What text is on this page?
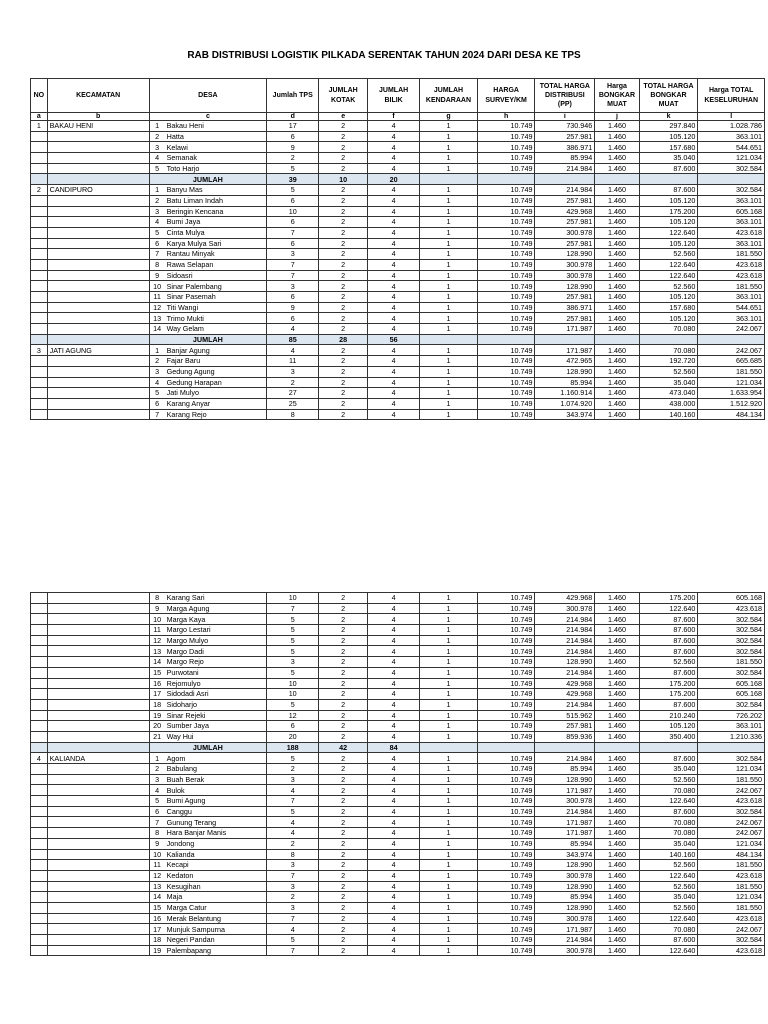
RAB DISTRIBUSI LOGISTIK PILKADA SERENTAK TAHUN 2024 DARI DESA KE TPS
NO	KECAMATAN	DESA		Jumlah TPS	JUMLAH KOTAK	JUMLAH BILIK	JUMLAH KENDARAAN	HARGA SURVEY/KM	TOTAL HARGA DISTRIBUSI (PP)	Harga BONGKAR MUAT	TOTAL HARGA BONGKAR MUAT	Harga TOTAL KESELURUHAN
a	b	c		d	e	f	g	h	i	j	k	l
1	BAKAU HENI	1	Bakau Heni	17	2	4	1	10.749	730.946	1.460	297.840	1.028.786
		2	Hatta	6	2	4	1	10.749	257.981	1.460	105.120	363.101
		3	Kelawi	9	2	4	1	10.749	386.971	1.460	157.680	544.651
		4	Semanak	2	2	4	1	10.749	85.994	1.460	35.040	121.034
		5	Toto Harjo	5	2	4	1	10.749	214.984	1.460	87.600	302.584
		JUMLAH		39	10	20						
2	CANDIPURO	1	Banyu Mas	5	2	4	1	10.749	214.984	1.460	87.600	302.584
		2	Batu Liman Indah	6	2	4	1	10.749	257.981	1.460	105.120	363.101
		3	Beringin Kencana	10	2	4	1	10.749	429.968	1.460	175.200	605.168
		4	Bumi Jaya	6	2	4	1	10.749	257.981	1.460	105.120	363.101
		5	Cinta Mulya	7	2	4	1	10.749	300.978	1.460	122.640	423.618
		6	Karya Mulya Sari	6	2	4	1	10.749	257.981	1.460	105.120	363.101
		7	Rantau Minyak	3	2	4	1	10.749	128.990	1.460	52.560	181.550
		8	Rawa Selapan	7	2	4	1	10.749	300.978	1.460	122.640	423.618
		9	Sidoasri	7	2	4	1	10.749	300.978	1.460	122.640	423.618
		10	Sinar Palembang	3	2	4	1	10.749	128.990	1.460	52.560	181.550
		11	Sinar Pasemah	6	2	4	1	10.749	257.981	1.460	105.120	363.101
		12	Titi Wangi	9	2	4	1	10.749	386.971	1.460	157.680	544.651
		13	Trimo Mukti	6	2	4	1	10.749	257.981	1.460	105.120	363.101
		14	Way Gelam	4	2	4	1	10.749	171.987	1.460	70.080	242.067
		JUMLAH		85	28	56						
3	JATI AGUNG	1	Banjar Agung	4	2	4	1	10.749	171.987	1.460	70.080	242.067
		2	Fajar Baru	11	2	4	1	10.749	472.965	1.460	192.720	665.685
		3	Gedung Agung	3	2	4	1	10.749	128.990	1.460	52.560	181.550
		4	Gedung Harapan	2	2	4	1	10.749	85.994	1.460	35.040	121.034
		5	Jati Mulyo	27	2	4	1	10.749	1.160.914	1.460	473.040	1.633.954
		6	Karang Anyar	25	2	4	1	10.749	1.074.920	1.460	438.000	1.512.920
		7	Karang Rejo	8	2	4	1	10.749	343.974	1.460	140.160	484.134
		8	Karang Sari	10	2	4	1	10.749	429.968	1.460	175.200	605.168
		9	Marga Agung	7	2	4	1	10.749	300.978	1.460	122.640	423.618
		10	Marga Kaya	5	2	4	1	10.749	214.984	1.460	87.600	302.584
		11	Margo Lestari	5	2	4	1	10.749	214.984	1.460	87.600	302.584
		12	Margo Mulyo	5	2	4	1	10.749	214.984	1.460	87.600	302.584
		13	Margo Dadi	5	2	4	1	10.749	214.984	1.460	87.600	302.584
		14	Margo Rejo	3	2	4	1	10.749	128.990	1.460	52.560	181.550
		15	Purwotani	5	2	4	1	10.749	214.984	1.460	87.600	302.584
		16	Rejomulyo	10	2	4	1	10.749	429.968	1.460	175.200	605.168
		17	Sidodadi Asri	10	2	4	1	10.749	429.968	1.460	175.200	605.168
		18	Sidoharjo	5	2	4	1	10.749	214.984	1.460	87.600	302.584
		19	Sinar Rejeki	12	2	4	1	10.749	515.962	1.460	210.240	726.202
		20	Sumber Jaya	6	2	4	1	10.749	257.981	1.460	105.120	363.101
		21	Way Hui	20	2	4	1	10.749	859.936	1.460	350.400	1.210.336
		JUMLAH		188	42	84						
4	KALIANDA	1	Agom	5	2	4	1	10.749	214.984	1.460	87.600	302.584
		2	Babulang	2	2	4	1	10.749	85.994	1.460	35.040	121.034
		3	Buah Berak	3	2	4	1	10.749	128.990	1.460	52.560	181.550
		4	Bulok	4	2	4	1	10.749	171.987	1.460	70.080	242.067
		5	Bumi Agung	7	2	4	1	10.749	300.978	1.460	122.640	423.618
		6	Canggu	5	2	4	1	10.749	214.984	1.460	87.600	302.584
		7	Gunung Terang	4	2	4	1	10.749	171.987	1.460	70.080	242.067
		8	Hara Banjar Manis	4	2	4	1	10.749	171.987	1.460	70.080	242.067
		9	Jondong	2	2	4	1	10.749	85.994	1.460	35.040	121.034
		10	Kalianda	8	2	4	1	10.749	343.974	1.460	140.160	484.134
		11	Kecapi	3	2	4	1	10.749	128.990	1.460	52.560	181.550
		12	Kedaton	7	2	4	1	10.749	300.978	1.460	122.640	423.618
		13	Kesugihan	3	2	4	1	10.749	128.990	1.460	52.560	181.550
		14	Maja	2	2	4	1	10.749	85.994	1.460	35.040	121.034
		15	Marga Catur	3	2	4	1	10.749	128.990	1.460	52.560	181.550
		16	Merak Belantung	7	2	4	1	10.749	300.978	1.460	122.640	423.618
		17	Munjuk Sampurna	4	2	4	1	10.749	171.987	1.460	70.080	242.067
		18	Negeri Pandan	5	2	4	1	10.749	214.984	1.460	87.600	302.584
		19	Palembapang	7	2	4	1	10.749	300.978	1.460	122.640	423.618
